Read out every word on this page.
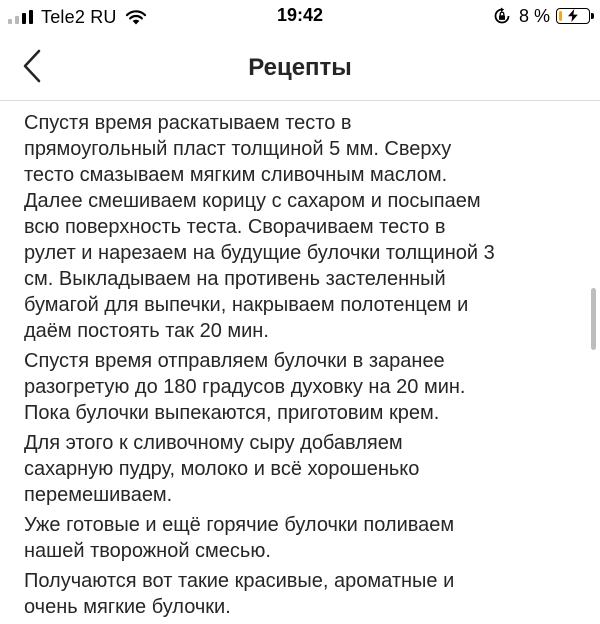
Tele2 RU	19:42	8 %
Рецепты

Спустя время раскатываем тесто в
прямоугольный пласт толщиной 5 мм. Сверху
тесто смазываем мягким сливочным маслом.
Далее смешиваем корицу с сахаром и посыпаем
всю поверхность теста. Сворачиваем тесто в
рулет и нарезаем на будущие булочки толщиной 3
см. Выкладываем на противень застеленный
бумагой для выпечки, накрываем полотенцем и
даём постоять так 20 мин.

Спустя время отправляем булочки в заранее
разогретую до 180 градусов духовку на 20 мин.
Пока булочки выпекаются, приготовим крем.

Для этого к сливочному сыру добавляем
сахарную пудру, молоко и всё хорошенько
перемешиваем.

Уже готовые и ещё горячие булочки поливаем
нашей творожной смесью.

Получаются вот такие красивые, ароматные и
очень мягкие булочки.
